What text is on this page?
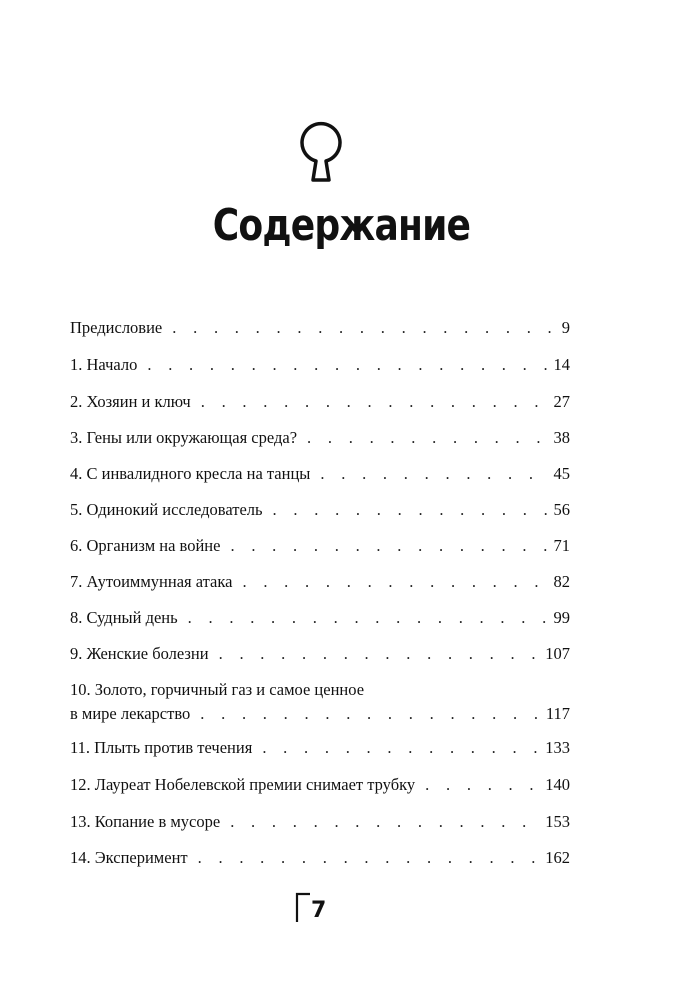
Содержание
Предисловие . . .	9
1. Начало . . .	14
2. Хозяин и ключ . . .	27
3. Гены или окружающая среда? . . .	38
4. С инвалидного кресла на танцы . . .	45
5. Одинокий исследователь . . .	56
6. Организм на войне . . .	71
7. Аутоиммунная атака . . .	82
8. Судный день . . .	99
9. Женские болезни . . .	107
10. Золото, горчичный газ и самое ценное
в мире лекарство . . .	117
11. Плыть против течения . . .	133
12. Лауреат Нобелевской премии снимает трубку . . .	140
13. Копание в мусоре . . .	153
14. Эксперимент . . .	162
7
